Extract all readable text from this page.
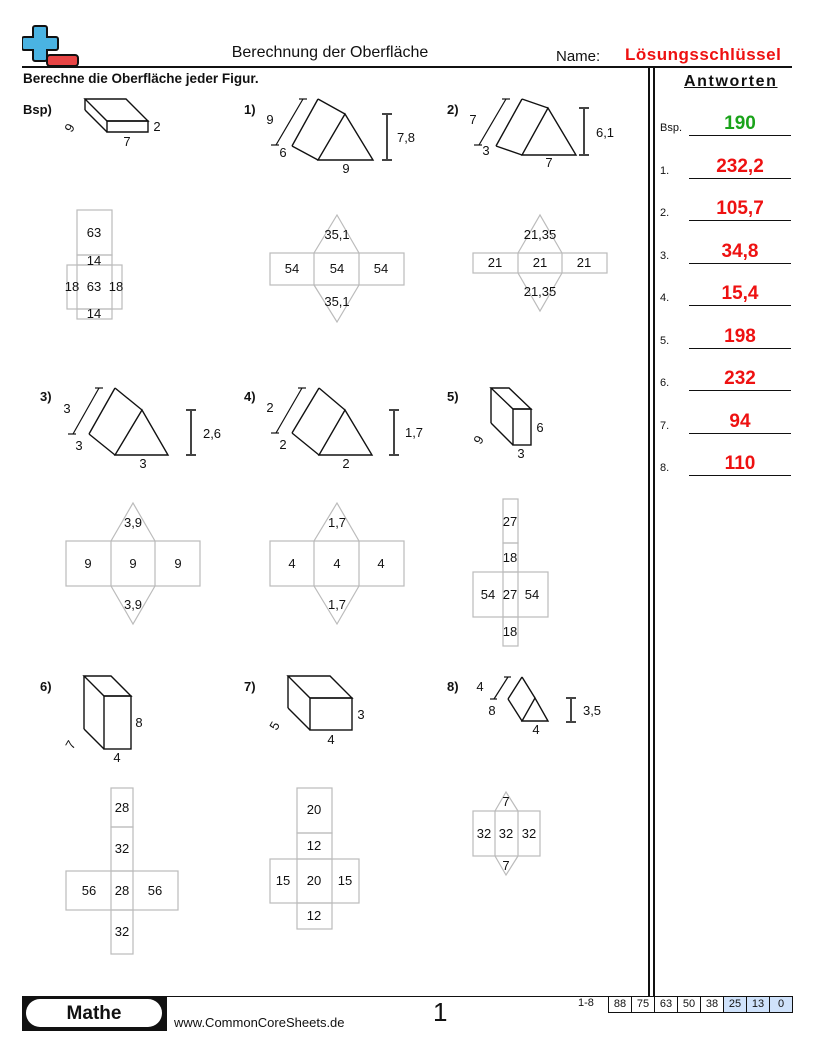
Berechnung der Oberfläche	Name: Lösungsschlüssel
Berechne die Oberfläche jeder Figur.	Antworten
Bsp.	190
1.	232,2
2.	105,7
3.	34,8
4.	15,4
5.	198
6.	232
7.	94
8.	110
Bsp)	1)	2)
3)	4)	5)
6)	7)	8)
9
7
2
63
14
18 63 18
14
9
6
9
7,8
35,1
54 54 54
35,1
7
3
7
6,1
21,35
21 21 21
21,35
3
3
3
2,6
3,9
9	9	9
3,9
2
2
2
1,7
1,7
4	4	4
1,7
9
3
6
27
18
54 27 54
18
7
4
8
28
32
56 28 56
32
5
4
3
20
12
15 20 15
12
4
8
4
3,5
7
32 32 32
7
Mathe	www.CommonCoreSheets.de	1	1-8	88 75 63 50 38 25 13	0
